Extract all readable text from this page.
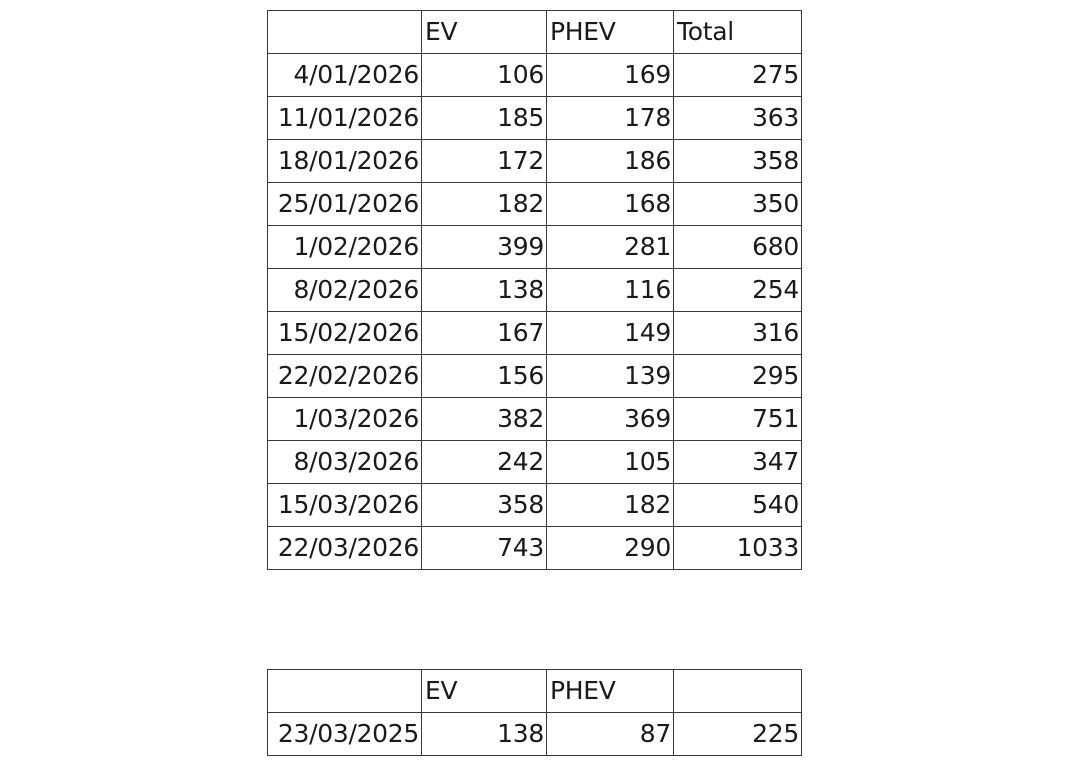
	EV	PHEV	Total
4/01/2026	106	169	275
11/01/2026	185	178	363
18/01/2026	172	186	358
25/01/2026	182	168	350
1/02/2026	399	281	680
8/02/2026	138	116	254
15/02/2026	167	149	316
22/02/2026	156	139	295
1/03/2026	382	369	751
8/03/2026	242	105	347
15/03/2026	358	182	540
22/03/2026	743	290	1033
	EV	PHEV	
23/03/2025	138	87	225
